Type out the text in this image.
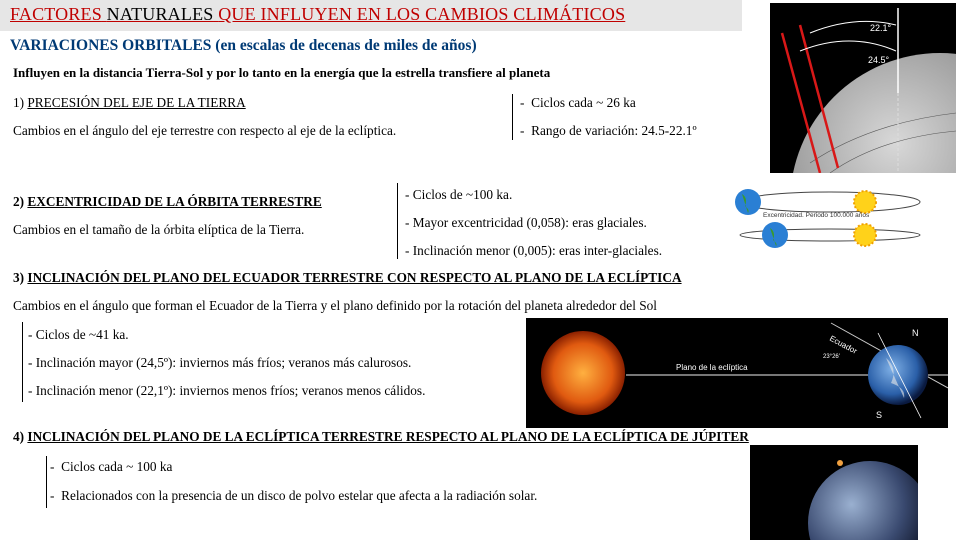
FACTORES NATURALES QUE INFLUYEN EN LOS CAMBIOS CLIMÁTICOS
VARIACIONES ORBITALES (en escalas de decenas de miles de años)
Influyen en la distancia Tierra-Sol y por lo tanto en la energía que la estrella transfiere al planeta
1) PRECESIÓN DEL EJE DE LA TIERRA
Cambios en el ángulo del eje terrestre con respecto al eje de la eclíptica.
-  Ciclos cada ~ 26 ka
-  Rango de variación: 24.5-22.1º
22.1°
24.5°
2) EXCENTRICIDAD DE LA ÓRBITA TERRESTRE
Cambios en el tamaño de la órbita elíptica de la Tierra.
- Ciclos de ~100 ka.
- Mayor excentricidad (0,058): eras glaciales.
- Inclinación menor (0,005): eras inter-glaciales.
Excentricidad. Periodo 100.000 años
3) INCLINACIÓN DEL PLANO DEL ECUADOR TERRESTRE CON RESPECTO AL PLANO DE LA ECLÍPTICA
Cambios en el ángulo que forman el Ecuador de la Tierra y el plano definido por la rotación del planeta alrededor del Sol
- Ciclos de ~41 ka.
- Inclinación mayor (24,5º): inviernos más fríos; veranos más calurosos.
- Inclinación menor (22,1º): inviernos menos fríos; veranos menos cálidos.
Plano de la eclíptica
Ecuador
23°26'
N
S
4) INCLINACIÓN DEL PLANO DE LA ECLÍPTICA TERRESTRE RESPECTO AL PLANO DE LA ECLÍPTICA DE JÚPITER
-  Ciclos cada ~ 100 ka
-  Relacionados con la presencia de un disco de polvo estelar que afecta a la radiación solar.
